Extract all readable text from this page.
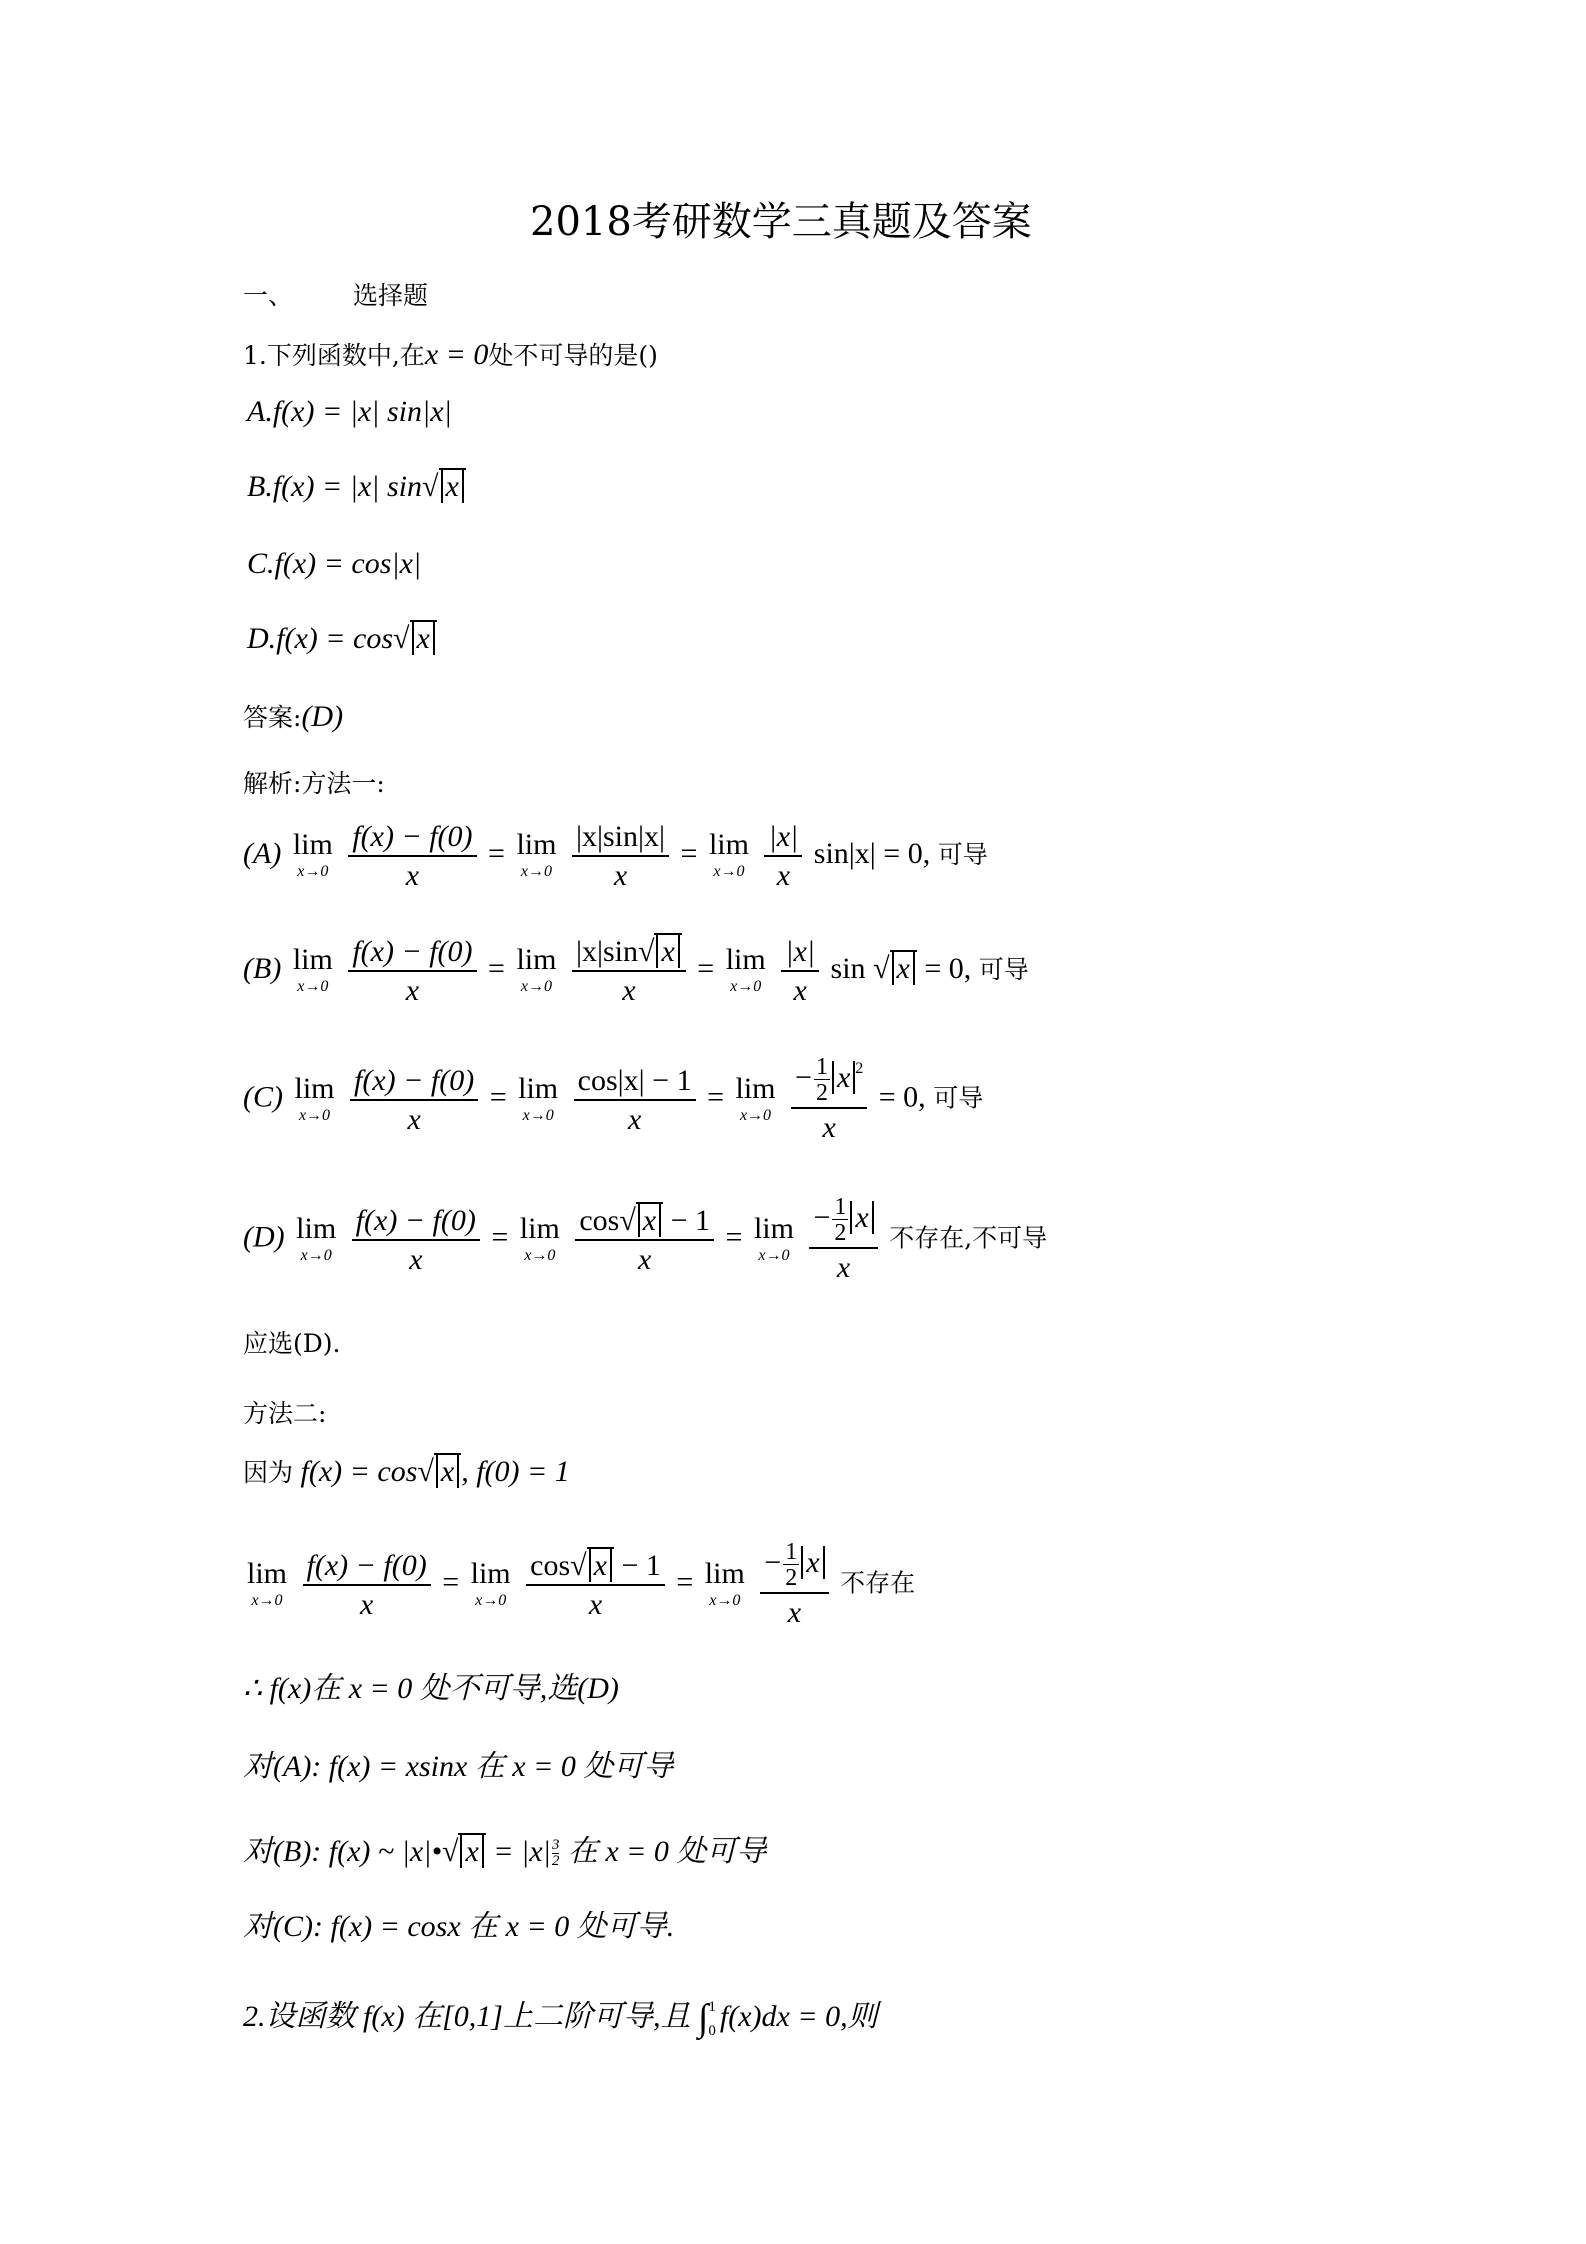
2018考研数学三真题及答案
一、 选择题
1.下列函数中,在x = 0处不可导的是()
A.f(x) = |x| sin|x|
B.f(x) = |x| sin√ x
C.f(x) = cos|x|
D.f(x) = cos√ x
答案:(D)
解析:方法一:
(A) lim
x→0
$\frac{f(x) - f(0)}{x} = \lim$
x→0
$\frac{|x|\sin|x|}{x} = \lim$
x→0
$\frac{|x|}{x} \sin|x| = 0$, 可导
(B) lim
x→0
$\frac{f(x) - f(0)}{x} = \lim$
x→0
$\frac{|x|\sin√ x}{x} = \lim$
x→0
$\frac{|x|}{x}$ sin √ x = 0, 可导
(C) lim
x→0
$\frac{f(x) - f(0)}{x} = \lim$
x→0
$\frac{\cos|x| - 1}{x} = \lim$
x→0
$\frac{- \frac{1}{2} x ^2}{x} = 0$, 可导
(D) lim
x→0
$\frac{f(x) - f(0)}{x} = \lim$
x→0
$\frac{\cos√ x - 1}{x} = \lim$
x→0
$\frac{- \frac{1}{2} x}{x}$ 不存在,不可导
应选(D).
方法二:
因为 f(x) = cos√ x , f(0) = 1
lim
x→0
$\frac{f(x) - f(0)}{x} = \lim$
x→0
$\frac{\cos√ x - 1}{x} = \lim$
x→0
$\frac{- \frac{1}{2} x}{x}$ 不存在
∴ f(x)在 x = 0 处不可导,选(D)
对(A): f(x) = xsinx 在 x = 0 处可导
对(B): f(x) ~ |x|•√ $x = |x| \frac{3}{2}$ 在 x = 0 处可导
对(C): f(x) = cosx 在 x = 0 处可导.
2.设函数 f(x) 在[0,1]上二阶可导,且 ∫ 1
0 f(x)dx = 0,则
